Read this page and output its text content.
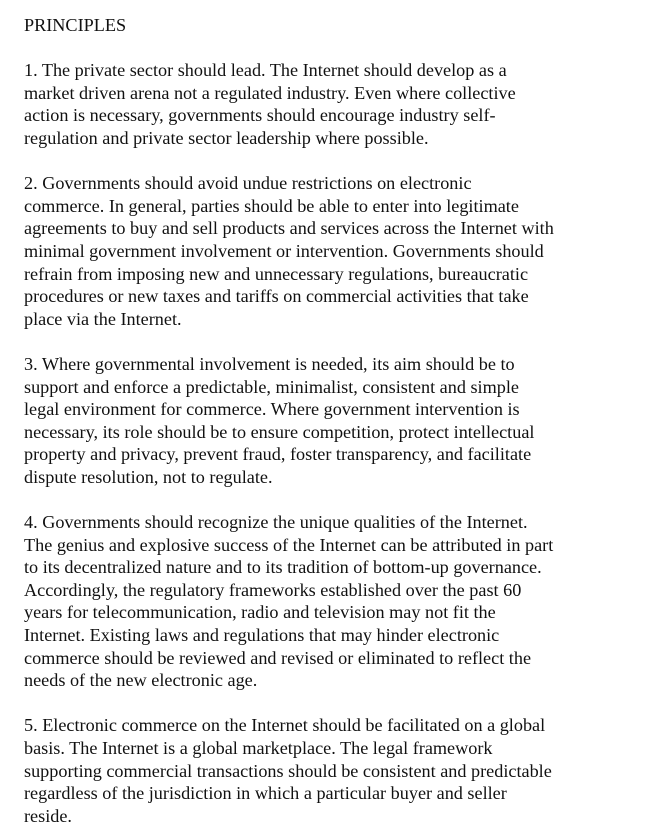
PRINCIPLES
1. The private sector should lead. The Internet should develop as a
market driven arena not a regulated industry. Even where collective
action is necessary, governments should encourage industry self-
regulation and private sector leadership where possible.
2. Governments should avoid undue restrictions on electronic
commerce. In general, parties should be able to enter into legitimate
agreements to buy and sell products and services across the Internet with
minimal government involvement or intervention. Governments should
refrain from imposing new and unnecessary regulations, bureaucratic
procedures or new taxes and tariffs on commercial activities that take
place via the Internet.
3. Where governmental involvement is needed, its aim should be to
support and enforce a predictable, minimalist, consistent and simple
legal environment for commerce. Where government intervention is
necessary, its role should be to ensure competition, protect intellectual
property and privacy, prevent fraud, foster transparency, and facilitate
dispute resolution, not to regulate.
4. Governments should recognize the unique qualities of the Internet.
The genius and explosive success of the Internet can be attributed in part
to its decentralized nature and to its tradition of bottom-up governance.
Accordingly, the regulatory frameworks established over the past 60
years for telecommunication, radio and television may not fit the
Internet. Existing laws and regulations that may hinder electronic
commerce should be reviewed and revised or eliminated to reflect the
needs of the new electronic age.
5. Electronic commerce on the Internet should be facilitated on a global
basis. The Internet is a global marketplace. The legal framework
supporting commercial transactions should be consistent and predictable
regardless of the jurisdiction in which a particular buyer and seller
reside.
